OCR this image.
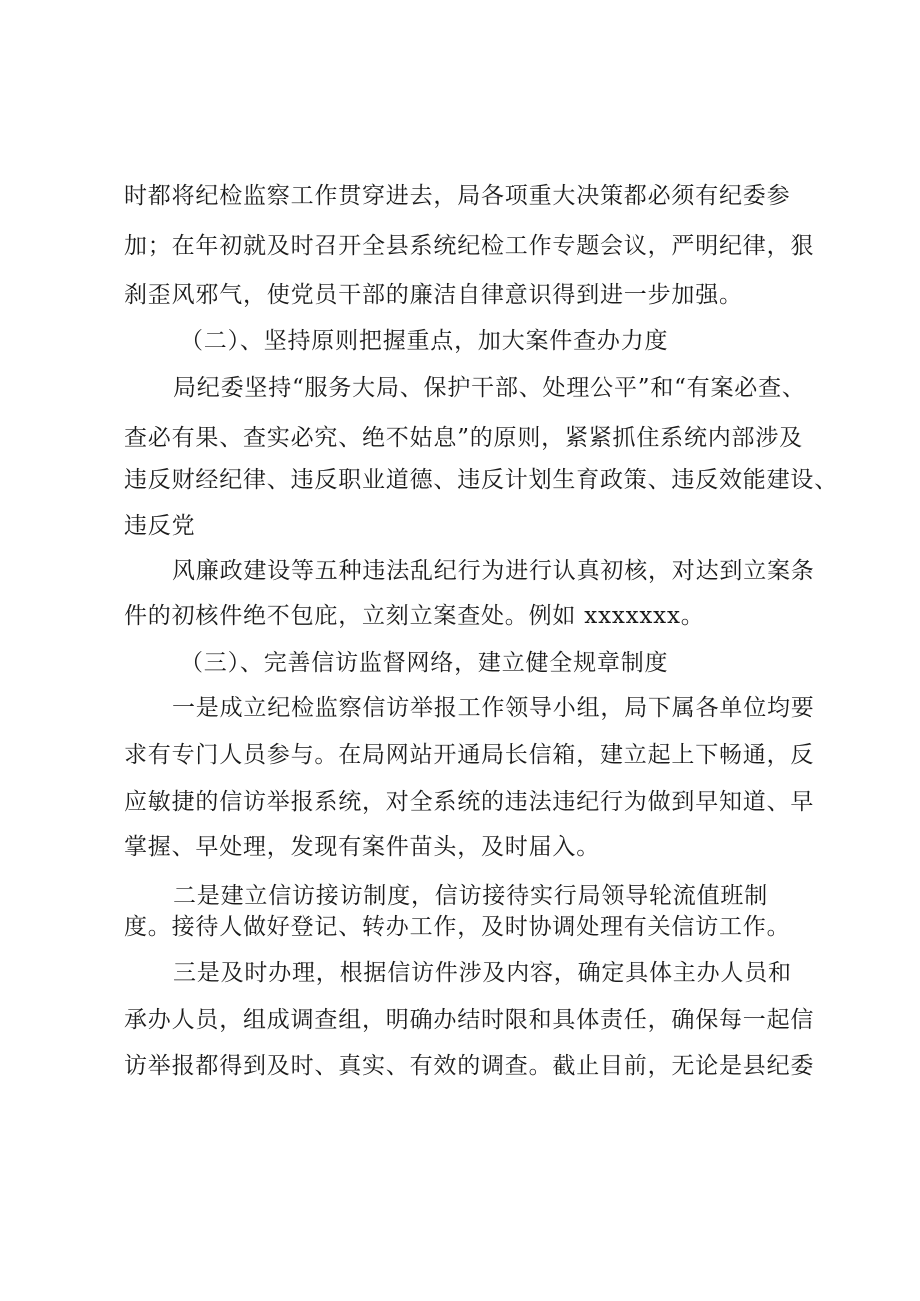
时都将纪检监察工作贯穿进去，局各项重大决策都必须有纪委参

加；在年初就及时召开全县系统纪检工作专题会议，严明纪律，狠

刹歪风邪气，使党员干部的廉洁自律意识得到进一步加强。

（二）、坚持原则把握重点，加大案件查办力度

局纪委坚持“服务大局、保护干部、处理公平”和“有案必查、

查必有果、查实必究、绝不姑息”的原则，紧紧抓住系统内部涉及

违反财经纪律、违反职业道德、违反计划生育政策、违反效能建设、

违反党

风廉政建设等五种违法乱纪行为进行认真初核，对达到立案条

件的初核件绝不包庇，立刻立案查处。例如 xxxxxxx。

（三）、完善信访监督网络，建立健全规章制度

一是成立纪检监察信访举报工作领导小组，局下属各单位均要

求有专门人员参与。在局网站开通局长信箱，建立起上下畅通，反

应敏捷的信访举报系统，对全系统的违法违纪行为做到早知道、早

掌握、早处理，发现有案件苗头，及时届入。

二是建立信访接访制度，信访接待实行局领导轮流值班制

度。接待人做好登记、转办工作，及时协调处理有关信访工作。

三是及时办理，根据信访件涉及内容，确定具体主办人员和

承办人员，组成调查组，明确办结时限和具体责任，确保每一起信

访举报都得到及时、真实、有效的调查。截止目前，无论是县纪委
